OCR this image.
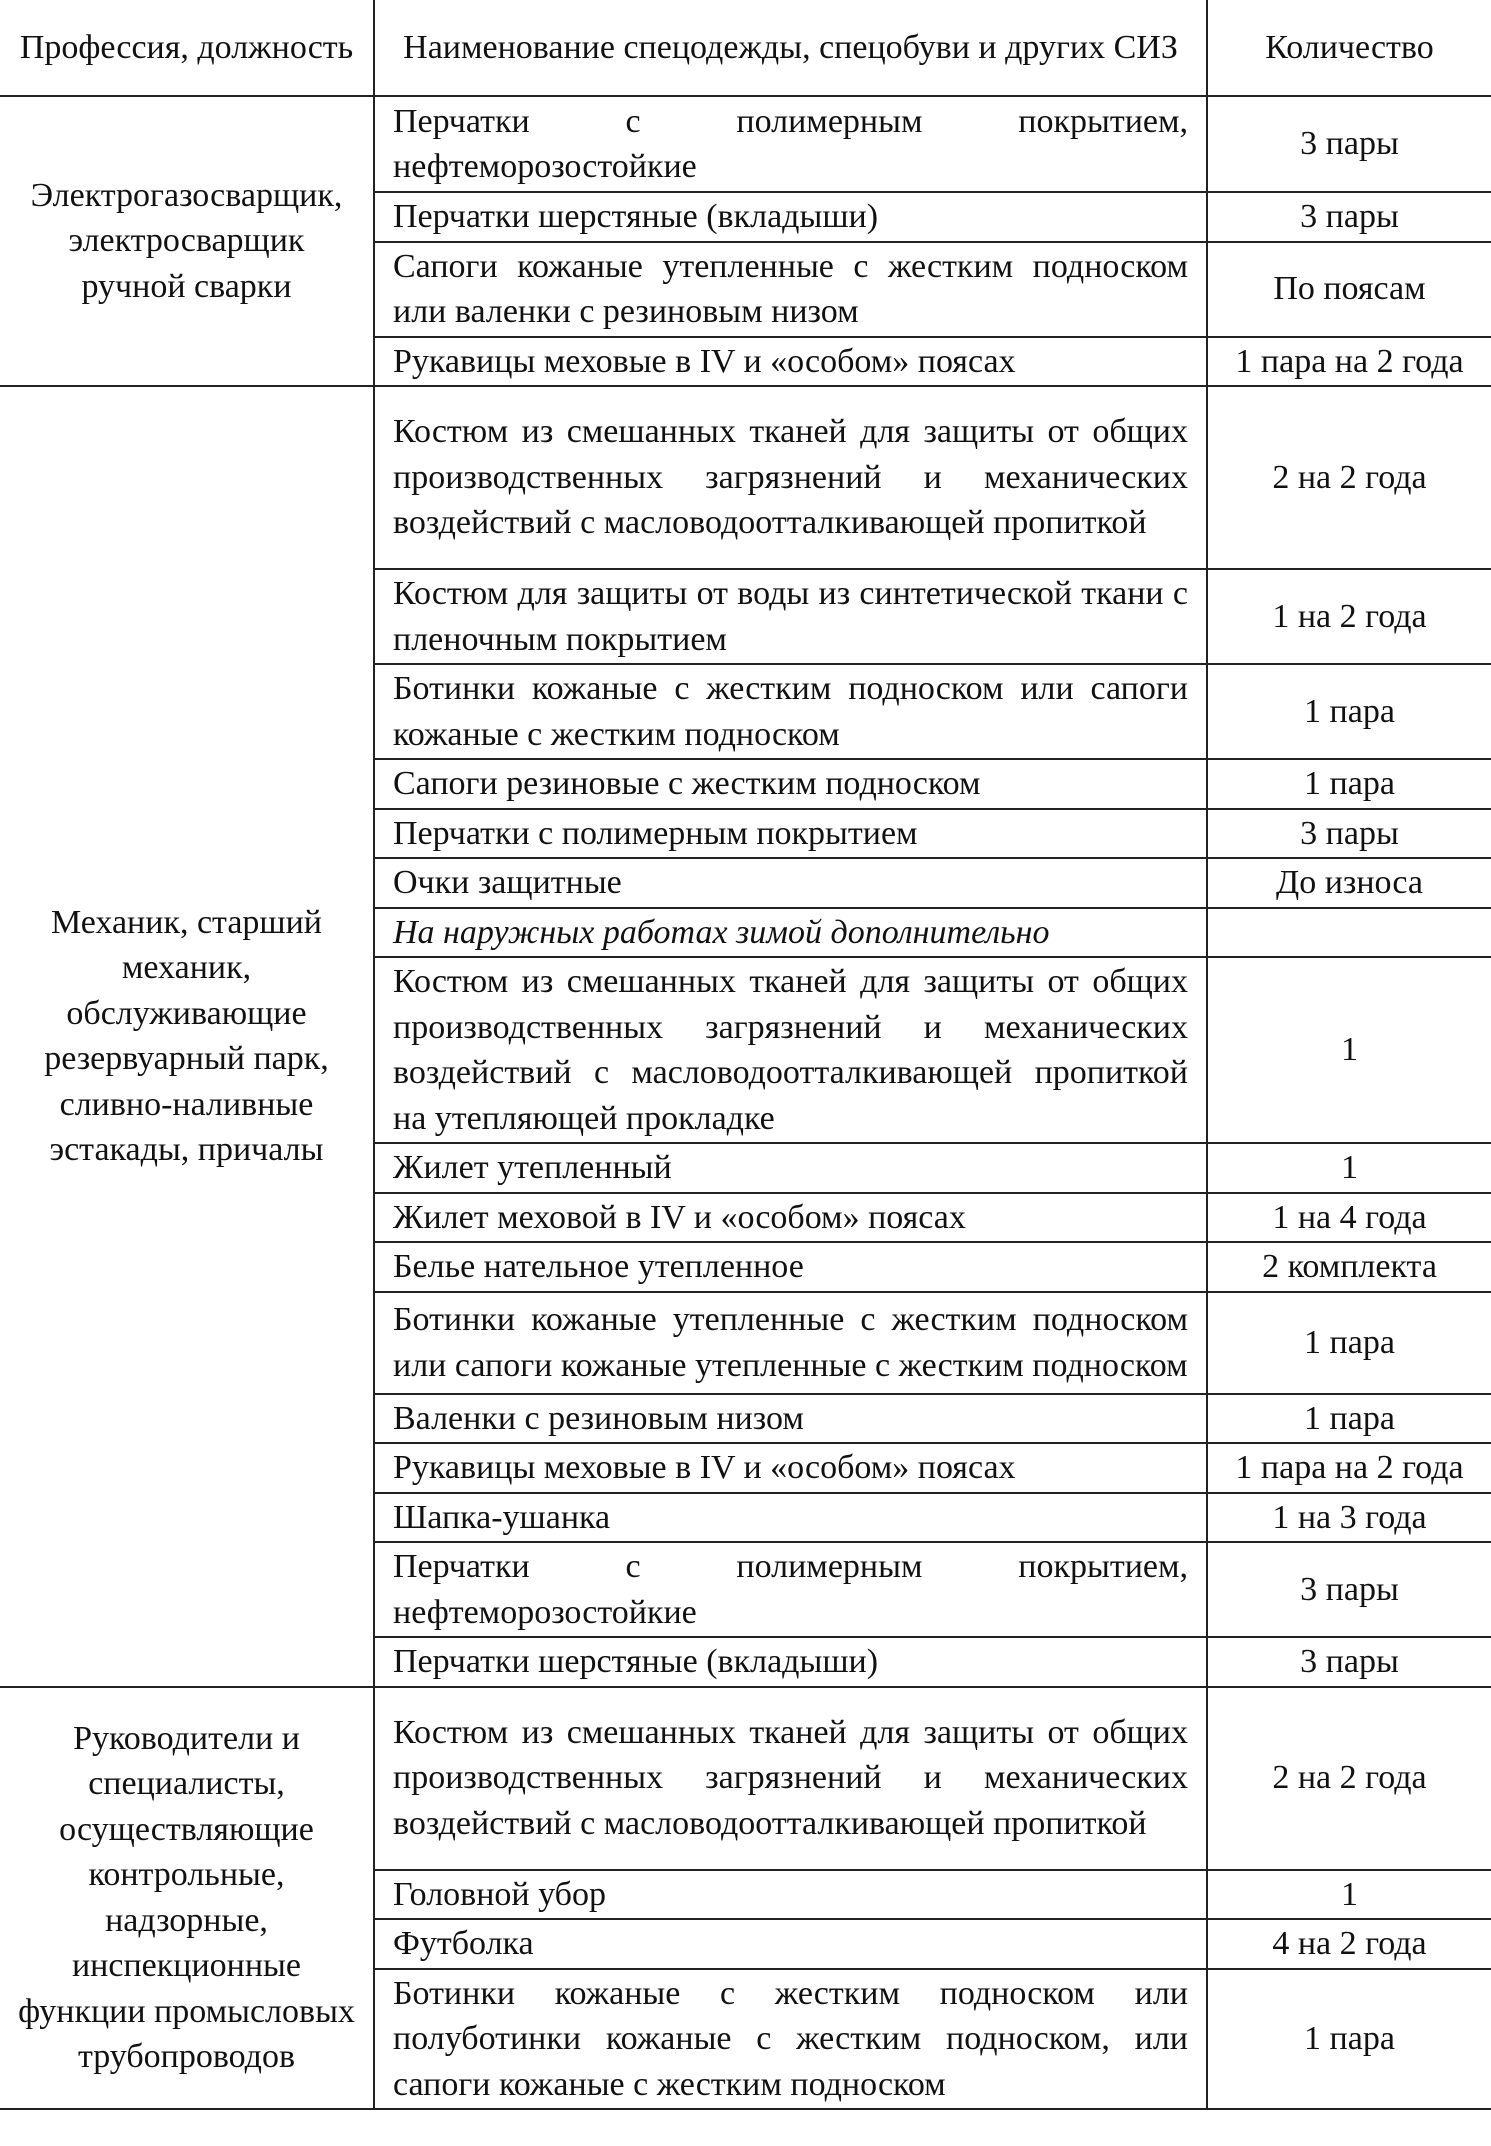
Профессия, должность	Наименование спецодежды, спецобуви и других СИЗ	Количество
Электрогазосварщик, электросварщик ручной сварки	Перчатки с полимерным покрытием, нефтеморозостойкие	3 пары
	Перчатки шерстяные (вкладыши)	3 пары
	Сапоги кожаные утепленные с жестким подноском или валенки с резиновым низом	По поясам
	Рукавицы меховые в IV и «особом» поясах	1 пара на 2 года
Механик, старший механик, обслуживающие резервуарный парк, сливно-наливные эстакады, причалы	Костюм из смешанных тканей для защиты от общих производственных загрязнений и механических воздействий с масловодоотталкивающей пропиткой	2 на 2 года
	Костюм для защиты от воды из синтетической ткани с пленочным покрытием	1 на 2 года
	Ботинки кожаные с жестким подноском или сапоги кожаные с жестким подноском	1 пара
	Сапоги резиновые с жестким подноском	1 пара
	Перчатки с полимерным покрытием	3 пары
	Очки защитные	До износа
	На наружных работах зимой дополнительно	
	Костюм из смешанных тканей для защиты от общих производственных загрязнений и механических воздействий с масловодоотталкивающей пропиткой на утепляющей прокладке	1
	Жилет утепленный	1
	Жилет меховой в IV и «особом» поясах	1 на 4 года
	Белье нательное утепленное	2 комплекта
	Ботинки кожаные утепленные с жестким подноском или сапоги кожаные утепленные с жестким подноском	1 пара
	Валенки с резиновым низом	1 пара
	Рукавицы меховые в IV и «особом» поясах	1 пара на 2 года
	Шапка-ушанка	1 на 3 года
	Перчатки с полимерным покрытием, нефтеморозостойкие	3 пары
	Перчатки шерстяные (вкладыши)	3 пары
Руководители и специалисты, осуществляющие контрольные, надзорные, инспекционные функции промысловых трубопроводов	Костюм из смешанных тканей для защиты от общих производственных загрязнений и механических воздействий с масловодоотталкивающей пропиткой	2 на 2 года
	Головной убор	1
	Футболка	4 на 2 года
	Ботинки кожаные с жестким подноском или полуботинки кожаные с жестким подноском, или сапоги кожаные с жестким подноском	1 пара
